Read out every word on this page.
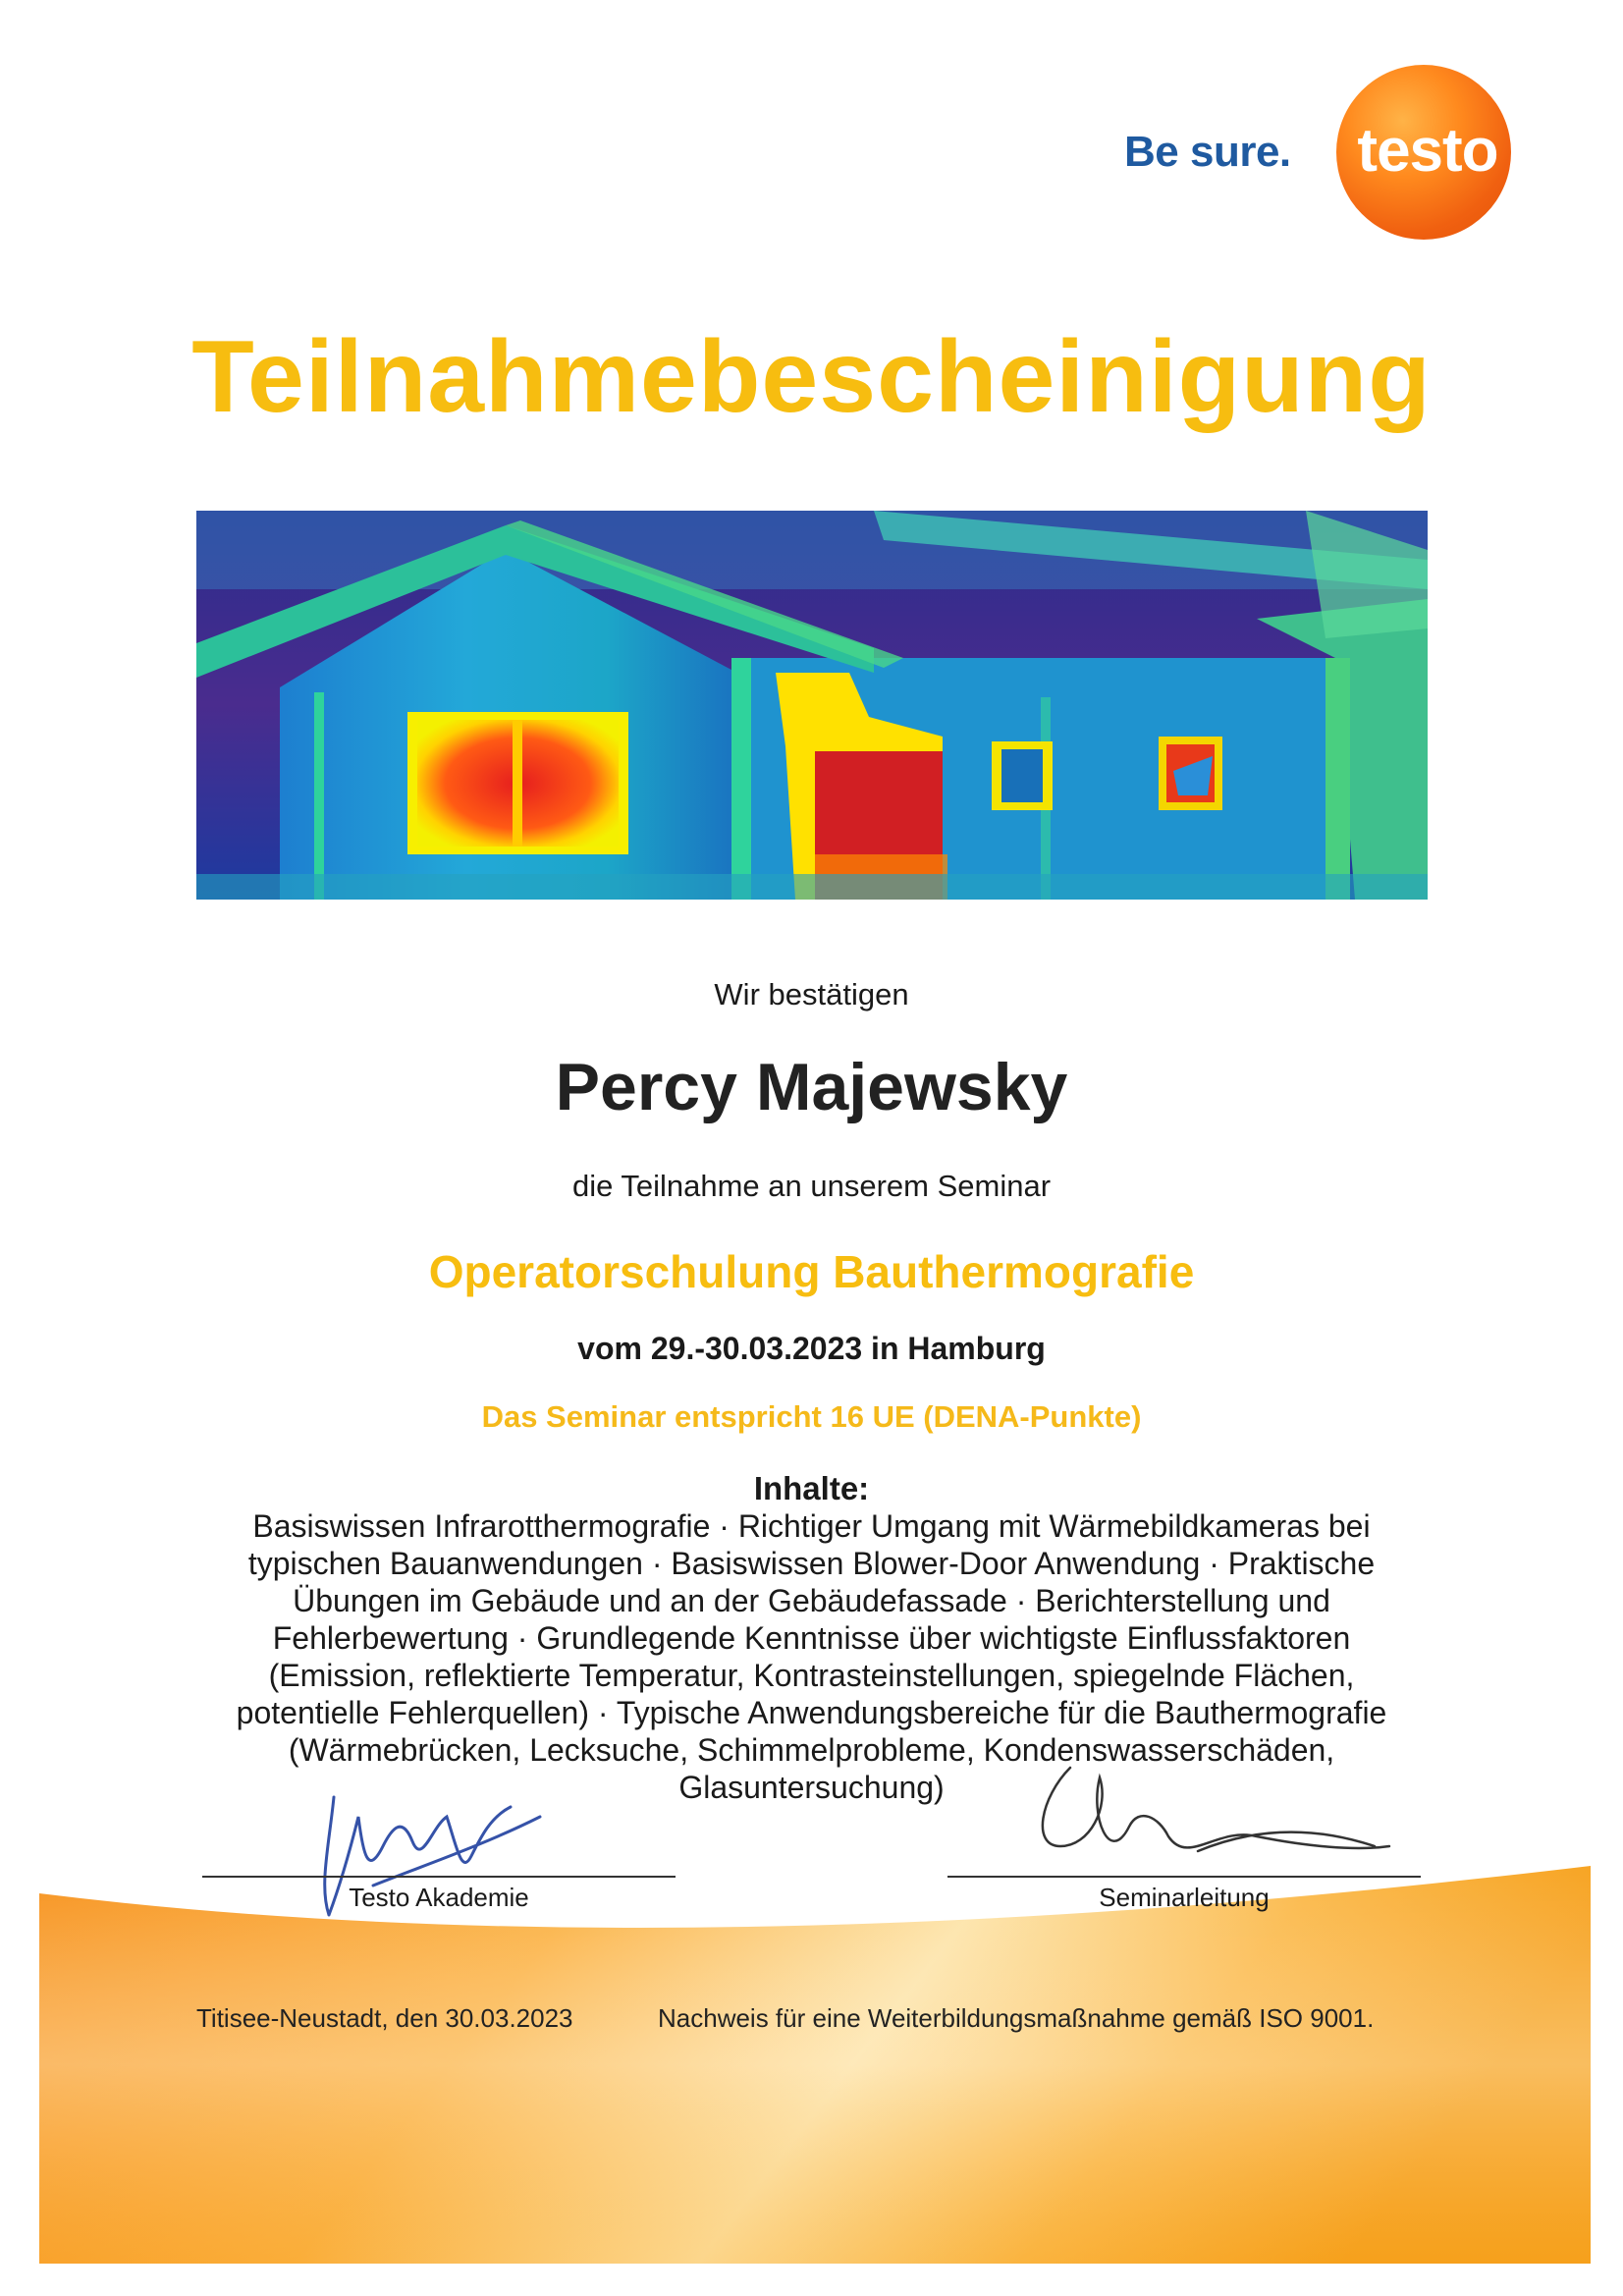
Be sure.	testo
Teilnahmebescheinigung
Wir bestätigen
Percy Majewsky
die Teilnahme an unserem Seminar
Operatorschulung Bauthermografie
vom 29.-30.03.2023 in Hamburg
Das Seminar entspricht 16 UE (DENA-Punkte)
Inhalte:
Basiswissen Infrarotthermografie · Richtiger Umgang mit Wärmebildkameras bei typischen Bauanwendungen · Basiswissen Blower-Door Anwendung · Praktische Übungen im Gebäude und an der Gebäudefassade · Berichterstellung und Fehlerbewertung · Grundlegende Kenntnisse über wichtigste Einflussfaktoren (Emission, reflektierte Temperatur, Kontrasteinstellungen, spiegelnde Flächen, potentielle Fehlerquellen) · Typische Anwendungsbereiche für die Bauthermografie (Wärmebrücken, Lecksuche, Schimmelprobleme, Kondenswasserschäden, Glasuntersuchung)
Testo Akademie	Seminarleitung
Titisee-Neustadt, den 30.03.2023	Nachweis für eine Weiterbildungsmaßnahme gemäß ISO 9001.
